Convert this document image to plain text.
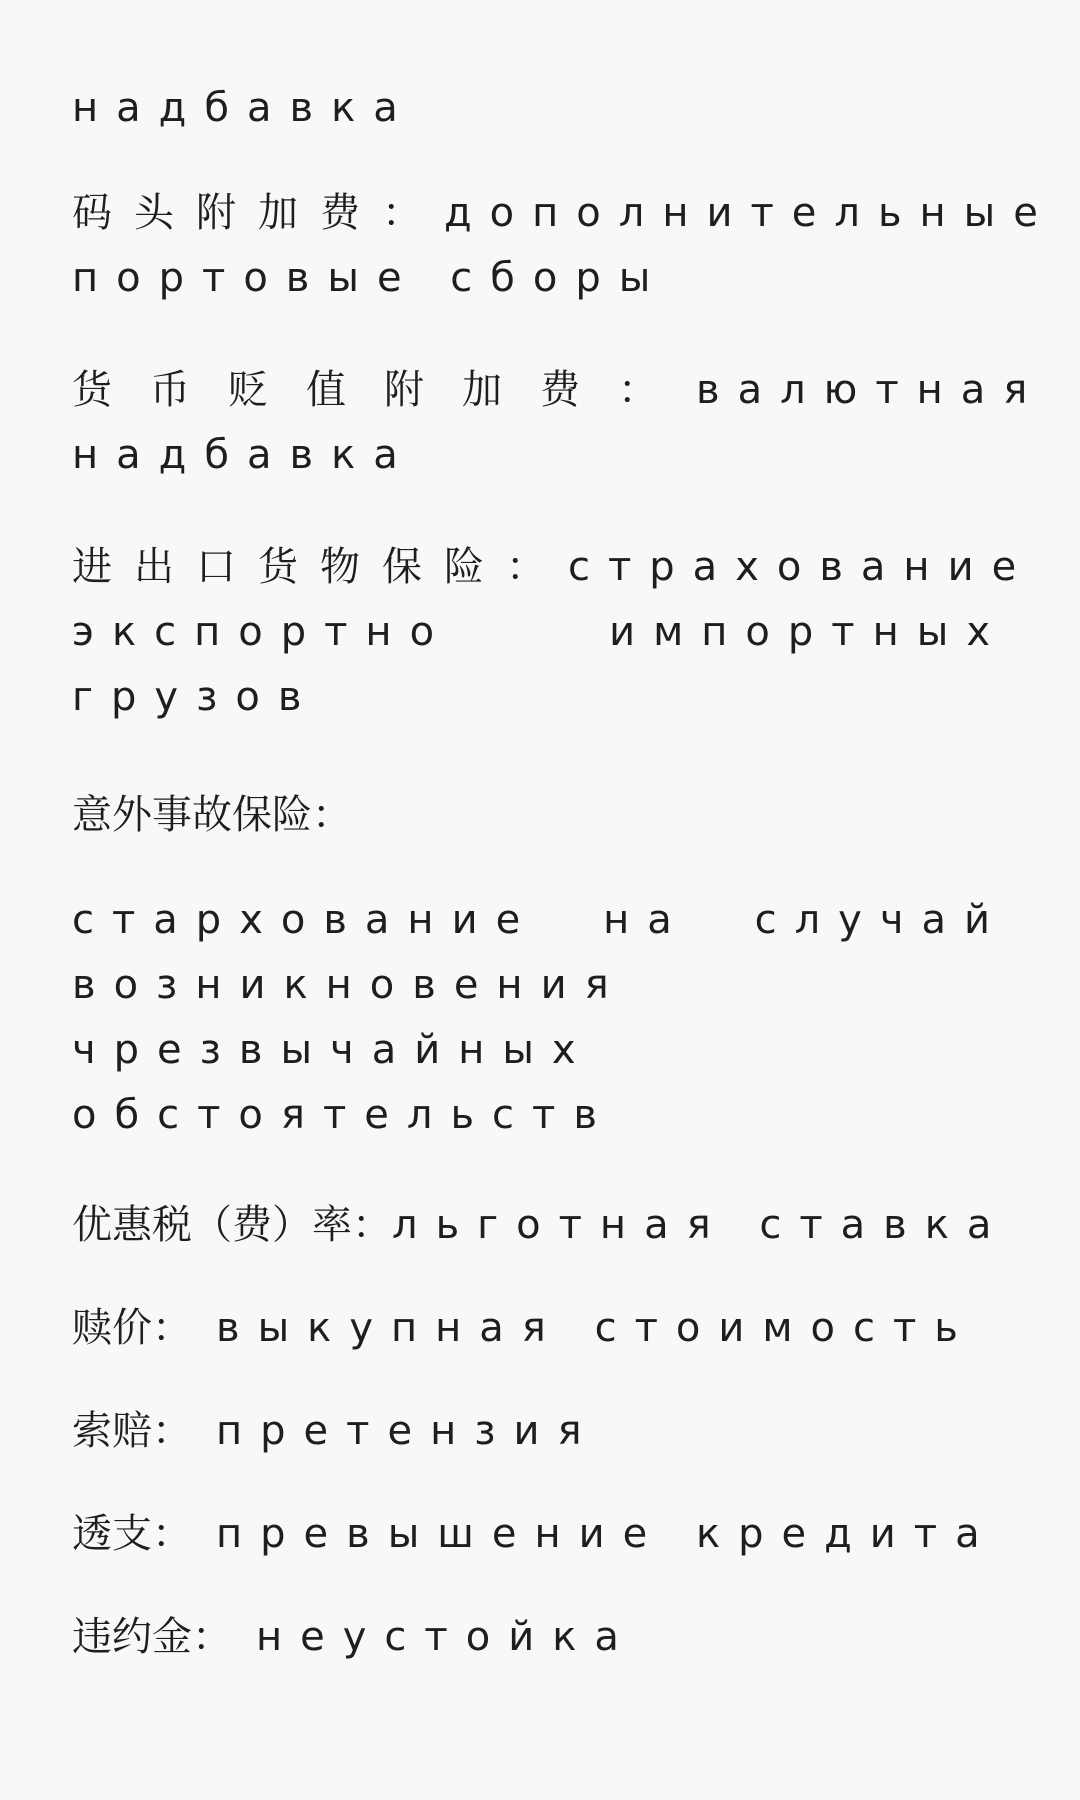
надбавка
码头附加费： дополнительные
портовые сборы
货币贬值附加费： валютная
надбавка
进出口货物保险： страхование
экспортно	импортных
грузов
意外事故保险：
стархование на случай
возникновения
чрезвычайных
обстоятельств
优惠税（费）率： льготная ставка
赎价： выкупная стоимость
索赔： претензия
透支： превышение кредита
违约金： неустойка
